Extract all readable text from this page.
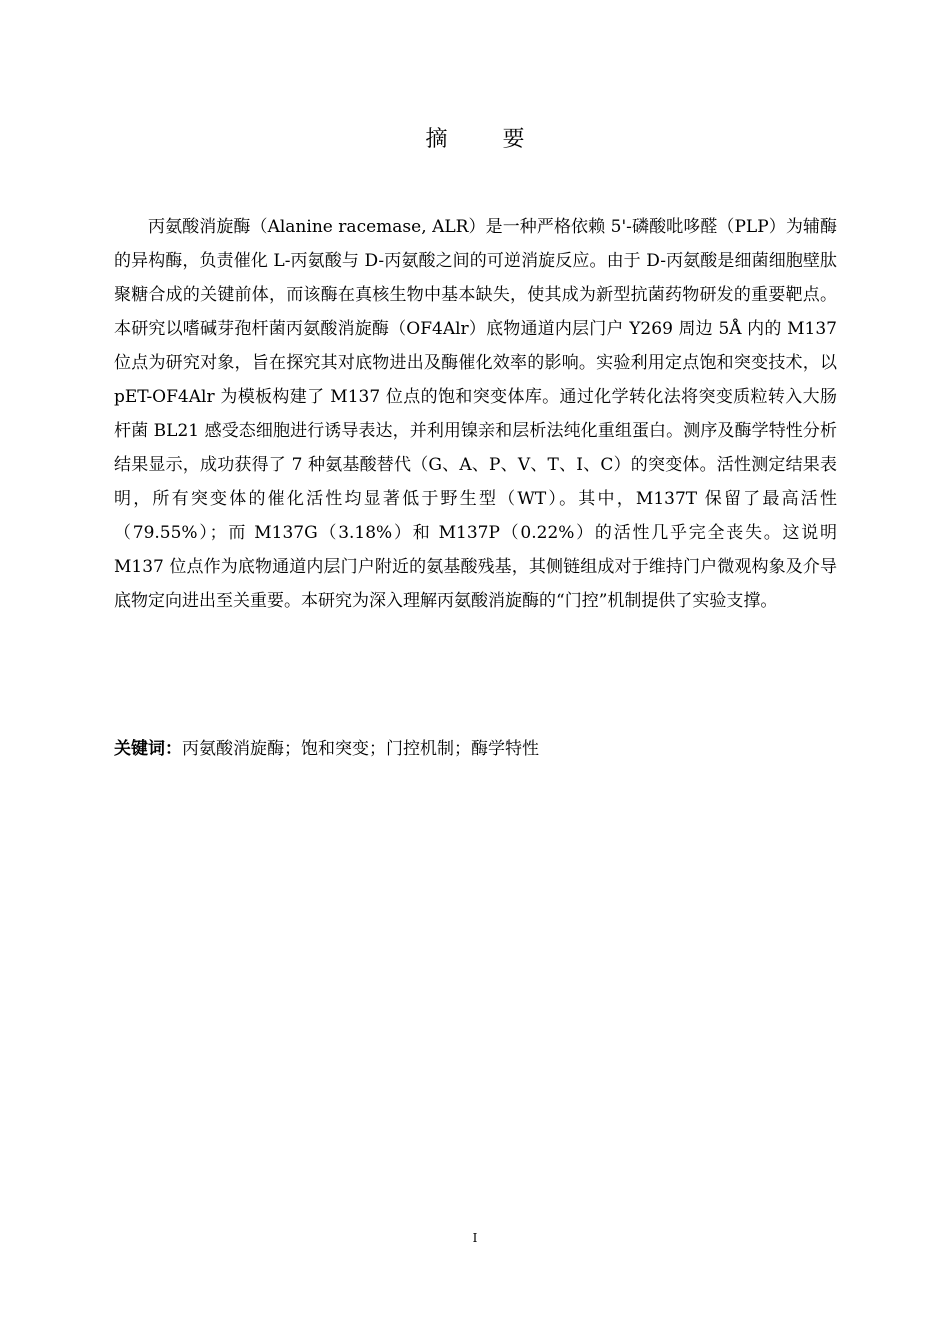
摘 要

丙氨酸消旋酶（Alanine racemase, ALR）是一种严格依赖 5'-磷酸吡哆醛（PLP）为辅酶的异构酶，负责催化 L-丙氨酸与 D-丙氨酸之间的可逆消旋反应。由于 D-丙氨酸是细菌细胞壁肽聚糖合成的关键前体，而该酶在真核生物中基本缺失，使其成为新型抗菌药物研发的重要靶点。本研究以嗜碱芽孢杆菌丙氨酸消旋酶（OF4Alr）底物通道内层门户 Y269 周边 5Å 内的 M137 位点为研究对象，旨在探究其对底物进出及酶催化效率的影响。实验利用定点饱和突变技术，以 pET-OF4Alr 为模板构建了 M137 位点的饱和突变体库。通过化学转化法将突变质粒转入大肠杆菌 BL21 感受态细胞进行诱导表达，并利用镍亲和层析法纯化重组蛋白。测序及酶学特性分析结果显示，成功获得了 7 种氨基酸替代（G、A、P、V、T、I、C）的突变体。活性测定结果表明，所有突变体的催化活性均显著低于野生型（WT）。其中，M137T 保留了最高活性（79.55%）；而 M137G（3.18%）和 M137P（0.22%）的活性几乎完全丧失。这说明 M137 位点作为底物通道内层门户附近的氨基酸残基，其侧链组成对于维持门户微观构象及介导底物定向进出至关重要。本研究为深入理解丙氨酸消旋酶的“门控”机制提供了实验支撑。

关键词：丙氨酸消旋酶；饱和突变；门控机制；酶学特性

I
